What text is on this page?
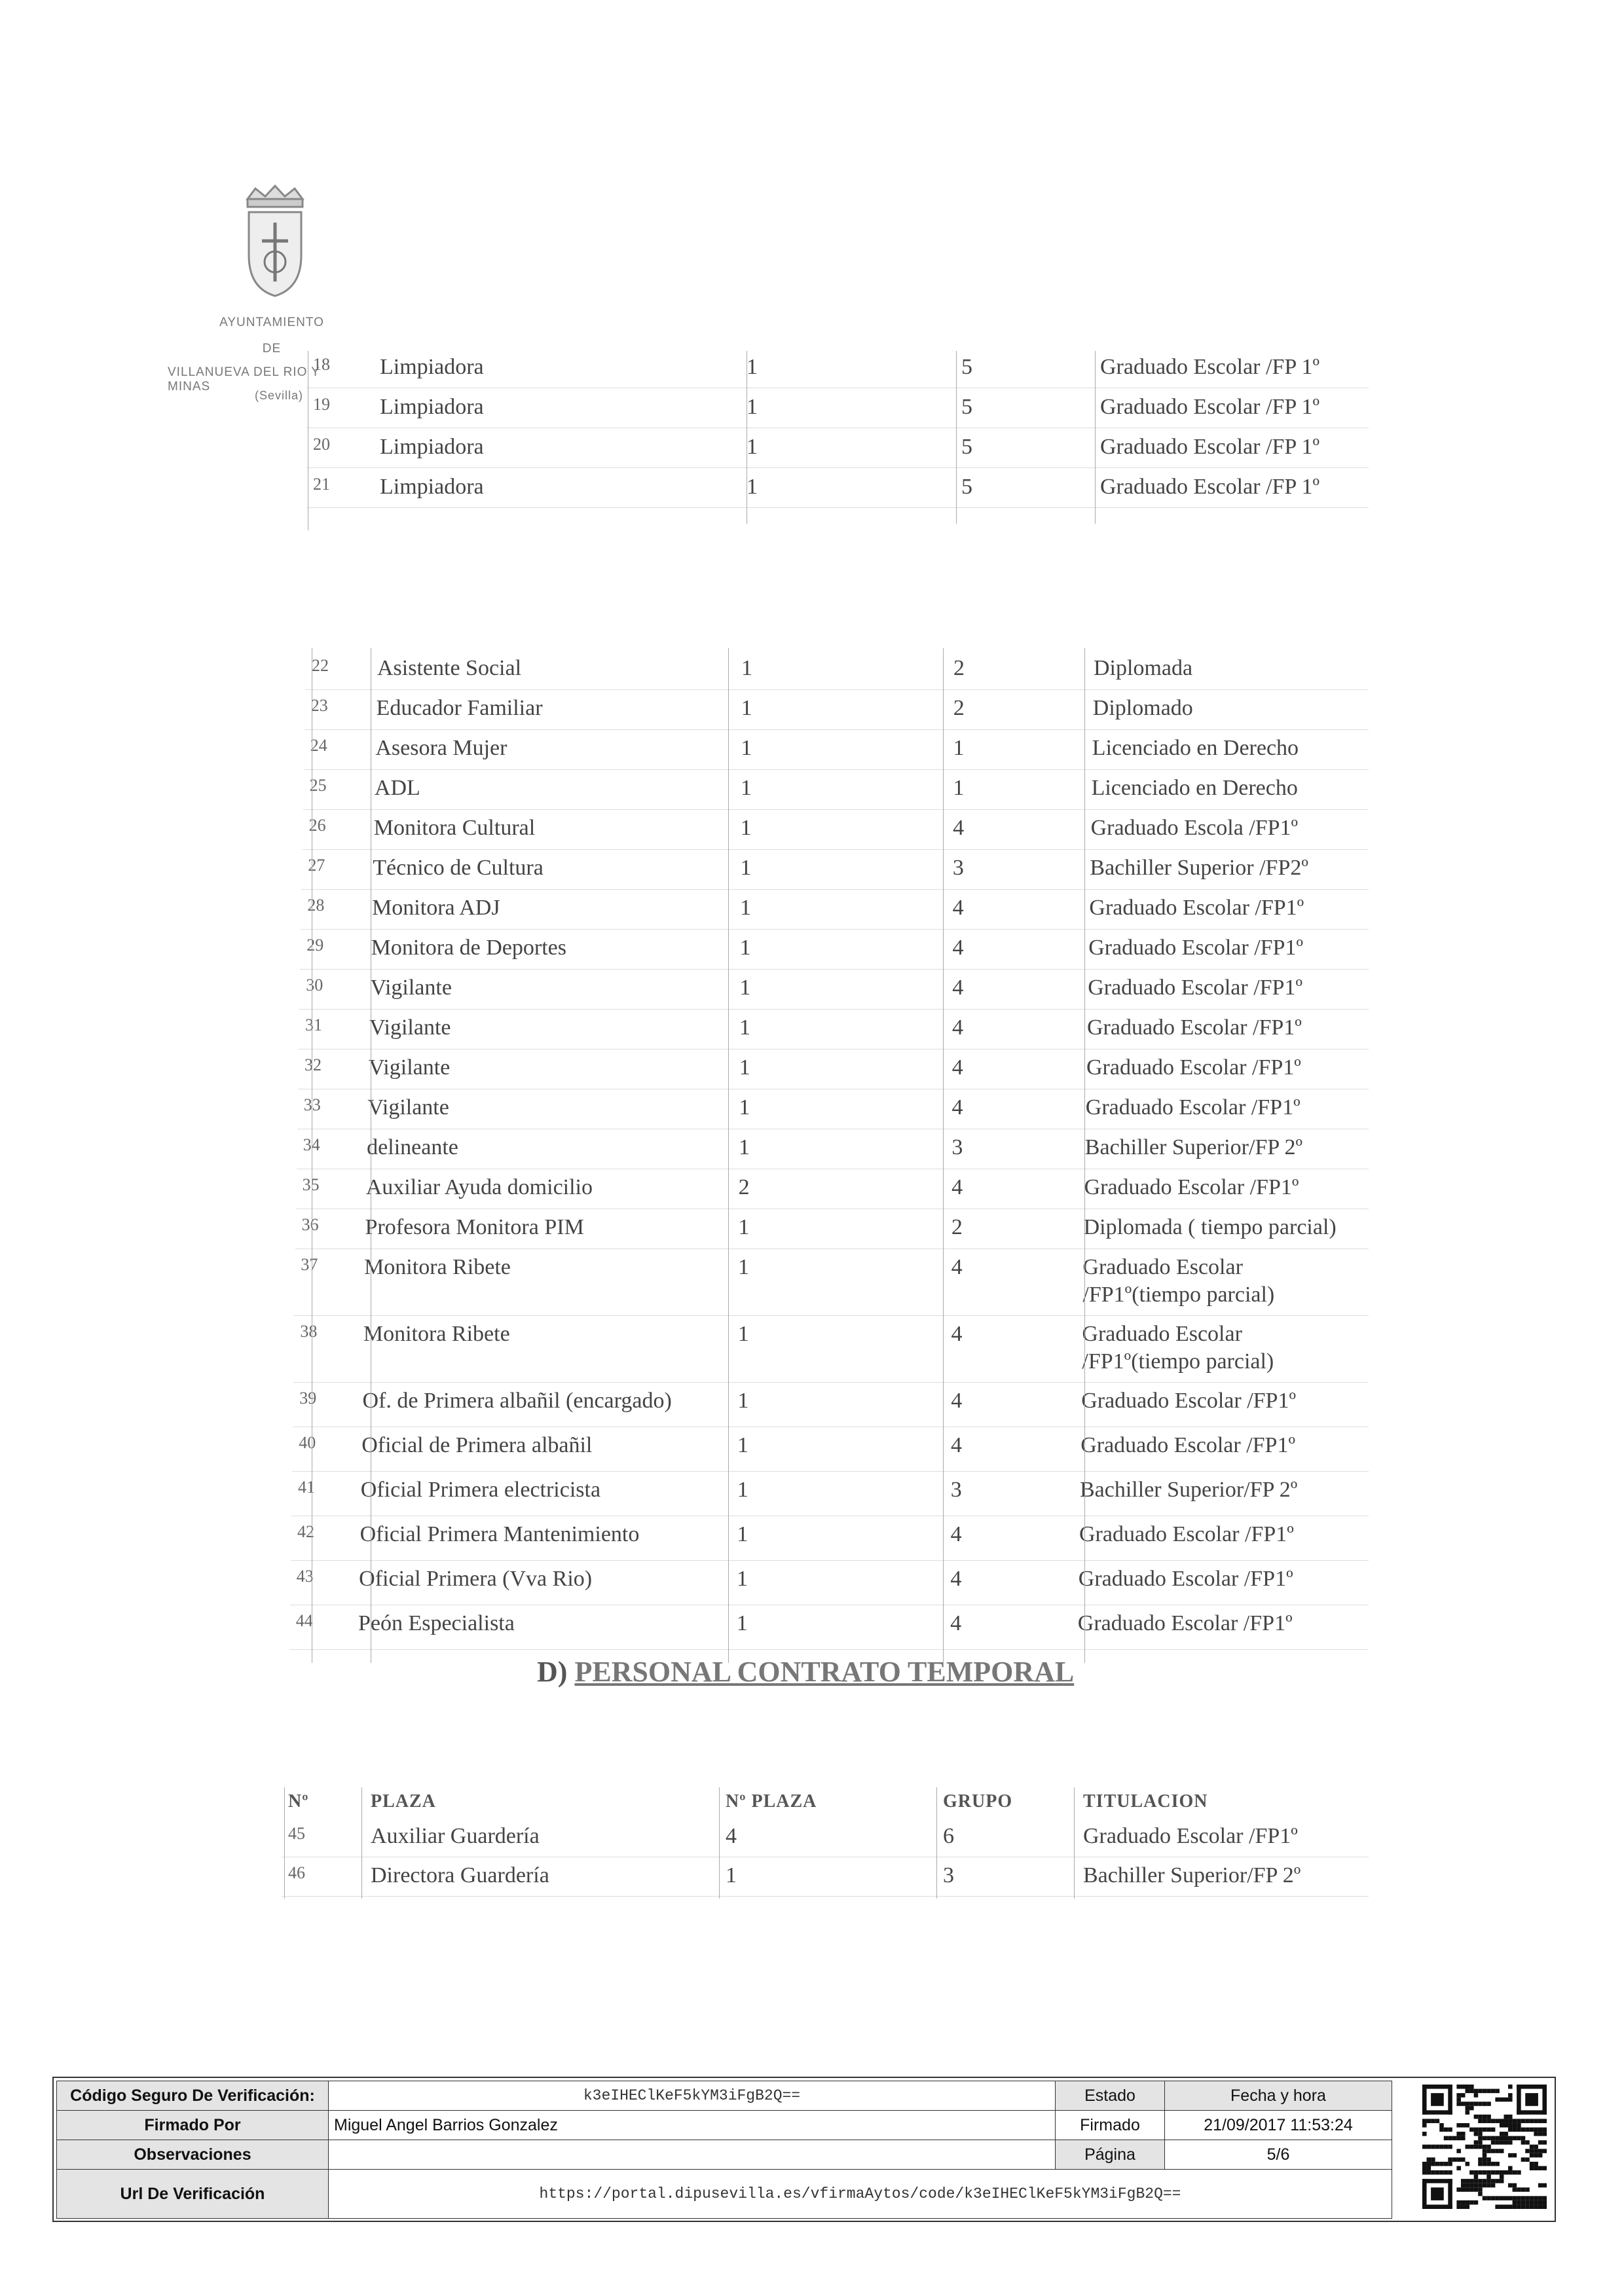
AYUNTAMIENTO
DE
VILLANUEVA DEL RIO Y MINAS
(Sevilla)
18 Limpiadora	1	5	Graduado Escolar /FP 1º
19 Limpiadora	1	5	Graduado Escolar /FP 1º
20 Limpiadora	1	5	Graduado Escolar /FP 1º
21 Limpiadora	1	5	Graduado Escolar /FP 1º
22 Asistente Social	1	2	Diplomada
23 Educador Familiar	1	2	Diplomado
24 Asesora Mujer	1	1	Licenciado en Derecho
25 ADL	1	1	Licenciado en Derecho
26 Monitora Cultural	1	4	Graduado Escola /FP1º
27 Técnico de Cultura	1	3	Bachiller Superior /FP2º
28 Monitora ADJ	1	4	Graduado Escolar /FP1º
29 Monitora de Deportes	1	4	Graduado Escolar /FP1º
30 Vigilante	1	4	Graduado Escolar /FP1º
31 Vigilante	1	4	Graduado Escolar /FP1º
32 Vigilante	1	4	Graduado Escolar /FP1º
33 Vigilante	1	4	Graduado Escolar /FP1º
34 delineante	1	3	Bachiller Superior/FP 2º
35 Auxiliar Ayuda domicilio	2	4	Graduado Escolar /FP1º
36 Profesora Monitora PIM	1	2	Diplomada ( tiempo parcial)
37 Monitora Ribete	1	4	Graduado Escolar
/FP1º(tiempo parcial)
38 Monitora Ribete	1	4	Graduado Escolar
/FP1º(tiempo parcial)
39 Of. de Primera albañil (encargado)	1	4	Graduado Escolar /FP1º
40 Oficial de Primera albañil	1	4	Graduado Escolar /FP1º
41 Oficial Primera electricista	1	3	Bachiller Superior/FP 2º
42 Oficial Primera Mantenimiento	1	4	Graduado Escolar /FP1º
43 Oficial Primera (Vva Rio)	1	4	Graduado Escolar /FP1º
44 Peón Especialista	1	4	Graduado Escolar /FP1º
D) PERSONAL CONTRATO TEMPORAL
Nº	PLAZA	Nº PLAZA	GRUPO	TITULACION
45	Auxiliar Guardería	4	6	Graduado Escolar /FP1º
46	Directora Guardería	1	3	Bachiller Superior/FP 2º
Código Seguro De Verificación:	k3eIHEClKeF5kYM3iFgB2Q==	Estado	Fecha y hora
Firmado Por	Miguel Angel Barrios Gonzalez	Firmado	21/09/2017 11:53:24
Observaciones		Página	5/6
Url De Verificación	https://portal.dipusevilla.es/vfirmaAytos/code/k3eIHEClKeF5kYM3iFgB2Q==		
